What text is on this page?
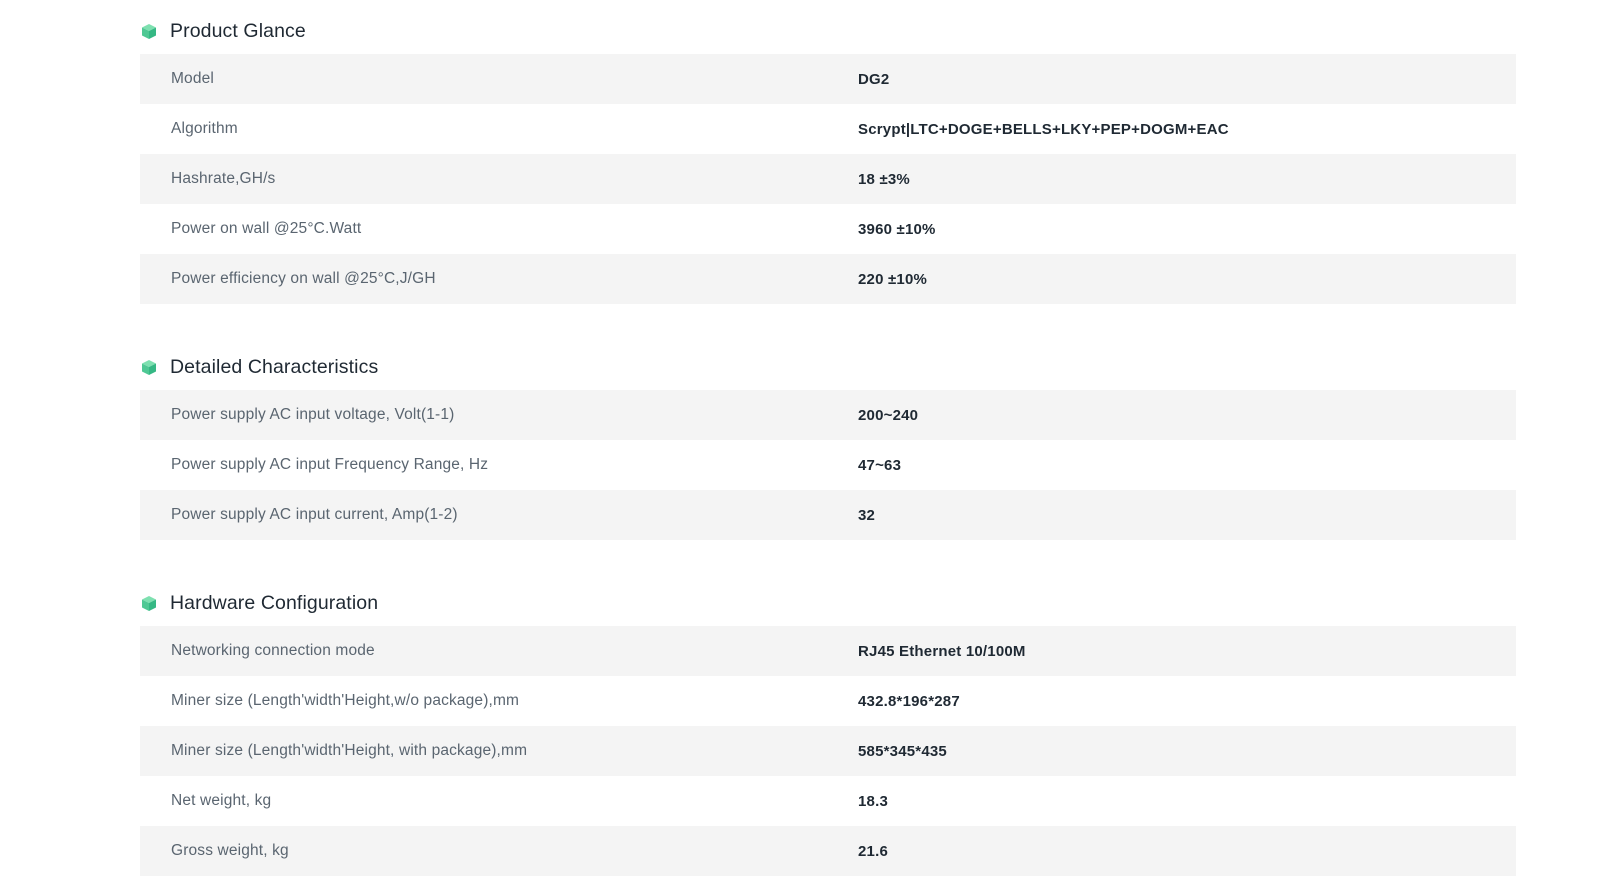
Product Glance
Model	DG2
Algorithm	Scrypt|LTC+DOGE+BELLS+LKY+PEP+DOGM+EAC
Hashrate,GH/s	18 ±3%
Power on wall @25°C.Watt	3960 ±10%
Power efficiency on wall @25°C,J/GH	220 ±10%
Detailed Characteristics
Power supply AC input voltage, Volt(1-1)	200~240
Power supply AC input Frequency Range, Hz	47~63
Power supply AC input current, Amp(1-2)	32
Hardware Configuration
Networking connection mode	RJ45 Ethernet 10/100M
Miner size (Length'width'Height,w/o package),mm	432.8*196*287
Miner size (Length'width'Height, with package),mm	585*345*435
Net weight, kg	18.3
Gross weight, kg	21.6
